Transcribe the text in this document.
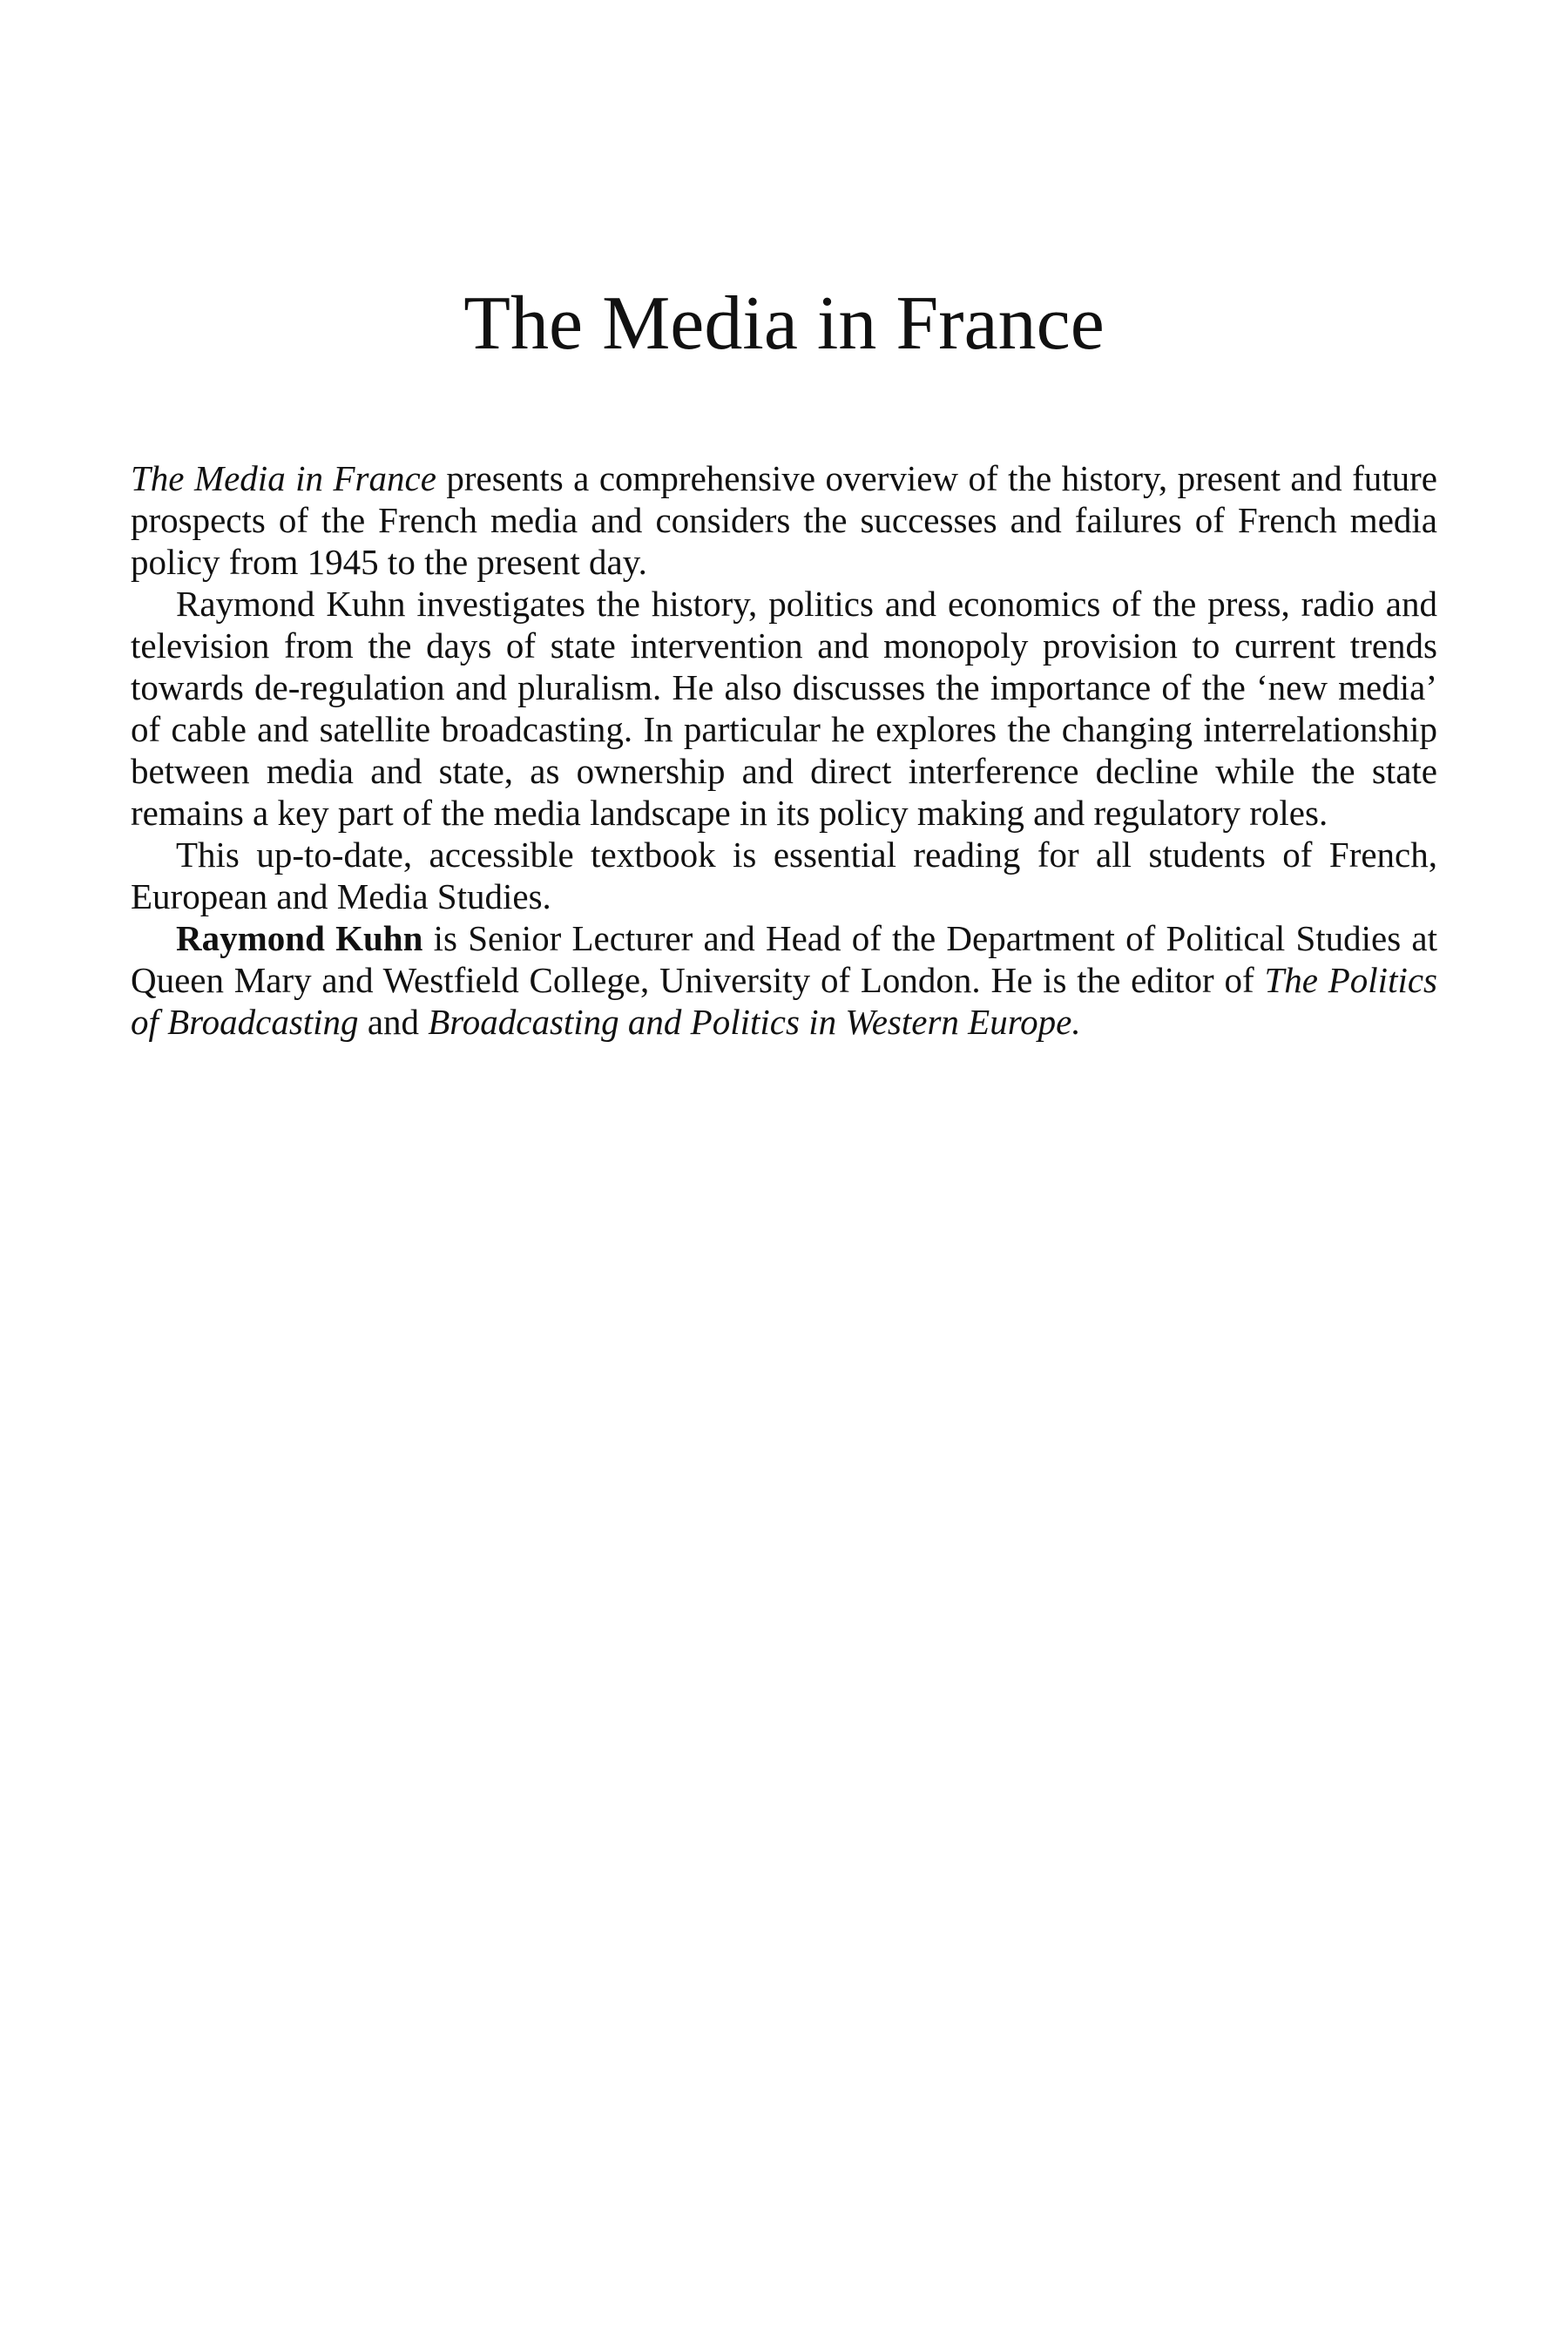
The Media in France

The Media in France presents a comprehensive overview of the history, present and future prospects of the French media and considers the successes and failures of French media policy from 1945 to the present day.

Raymond Kuhn investigates the history, politics and economics of the press, radio and television from the days of state intervention and monopoly provision to current trends towards de-regulation and pluralism. He also discusses the importance of the ‘new media’ of cable and satellite broadcasting. In particular he explores the changing interrelationship between media and state, as ownership and direct interference decline while the state remains a key part of the media landscape in its policy making and regulatory roles.

This up-to-date, accessible textbook is essential reading for all students of French, European and Media Studies.

Raymond Kuhn is Senior Lecturer and Head of the Department of Political Studies at Queen Mary and Westfield College, University of London. He is the editor of The Politics of Broadcasting and Broadcasting and Politics in Western Europe.
